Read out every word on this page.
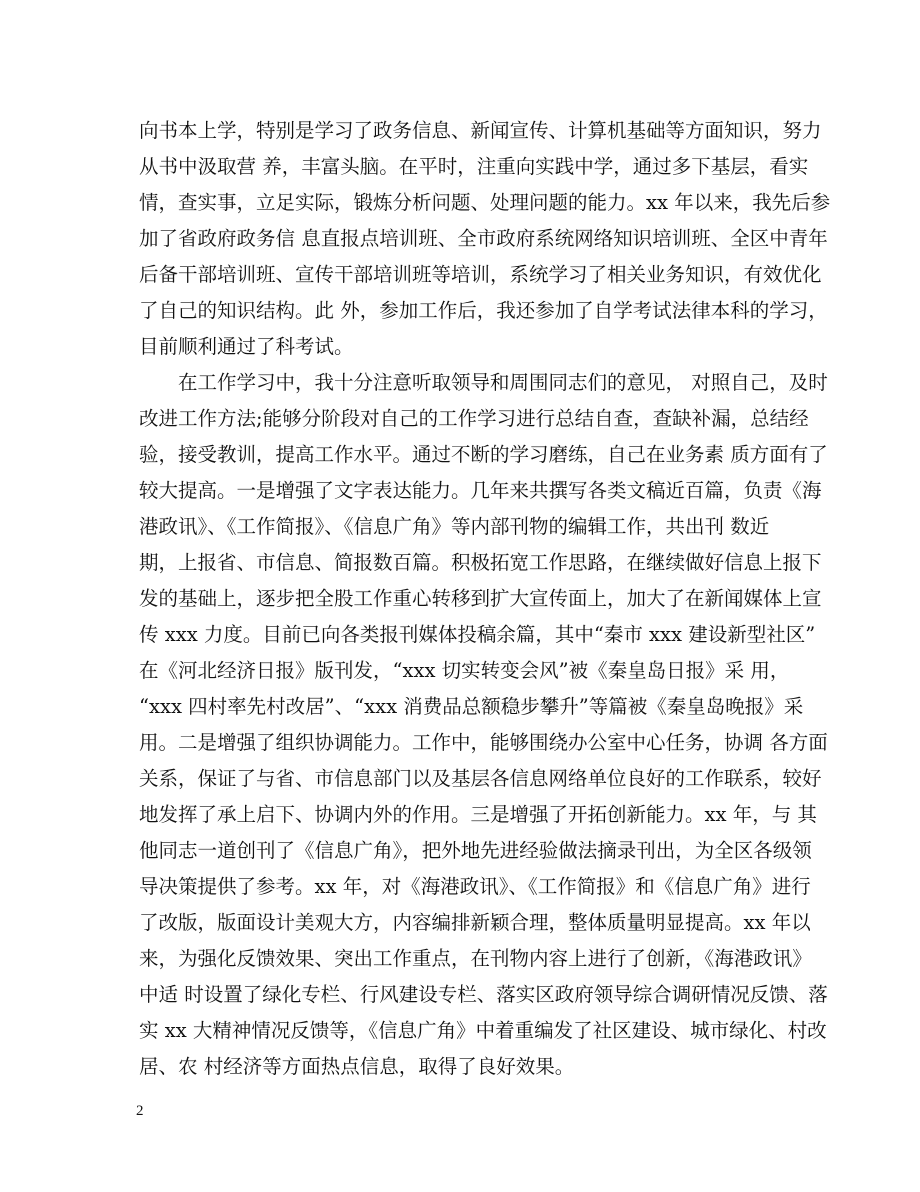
向书本上学，特别是学习了政务信息、新闻宣传、计算机基础等方面知识，努力
从书中汲取营 养，丰富头脑。在平时，注重向实践中学，通过多下基层，看实
情，查实事，立足实际，锻炼分析问题、处理问题的能力。xx 年以来，我先后参
加了省政府政务信 息直报点培训班、全市政府系统网络知识培训班、全区中青年
后备干部培训班、宣传干部培训班等培训，系统学习了相关业务知识，有效优化
了自己的知识结构。此 外，参加工作后，我还参加了自学考试法律本科的学习，
目前顺利通过了科考试。
在工作学习中，我十分注意听取领导和周围同志们的意见， 对照自己，及时
改进工作方法;能够分阶段对自己的工作学习进行总结自查，查缺补漏，总结经
验，接受教训，提高工作水平。通过不断的学习磨练，自己在业务素 质方面有了
较大提高。一是增强了文字表达能力。几年来共撰写各类文稿近百篇，负责《海
港政讯》、《工作简报》、《信息广角》等内部刊物的编辑工作，共出刊 数近
期，上报省、市信息、简报数百篇。积极拓宽工作思路，在继续做好信息上报下
发的基础上，逐步把全股工作重心转移到扩大宣传面上，加大了在新闻媒体上宣
传 xxx 力度。目前已向各类报刊媒体投稿余篇，其中“秦市 xxx 建设新型社区”
在《河北经济日报》版刊发，“xxx 切实转变会风”被《秦皇岛日报》采 用，
“xxx 四村率先村改居”、“xxx 消费品总额稳步攀升”等篇被《秦皇岛晚报》采
用。二是增强了组织协调能力。工作中，能够围绕办公室中心任务，协调 各方面
关系，保证了与省、市信息部门以及基层各信息网络单位良好的工作联系，较好
地发挥了承上启下、协调内外的作用。三是增强了开拓创新能力。xx 年，与 其
他同志一道创刊了《信息广角》，把外地先进经验做法摘录刊出，为全区各级领
导决策提供了参考。xx 年，对《海港政讯》、《工作简报》和《信息广角》进行
了改版，版面设计美观大方，内容编排新颖合理，整体质量明显提高。xx 年以
来，为强化反馈效果、突出工作重点，在刊物内容上进行了创新，《海港政讯》
中适 时设置了绿化专栏、行风建设专栏、落实区政府领导综合调研情况反馈、落
实 xx 大精神情况反馈等，《信息广角》中着重编发了社区建设、城市绿化、村改
居、农 村经济等方面热点信息，取得了良好效果。
2
